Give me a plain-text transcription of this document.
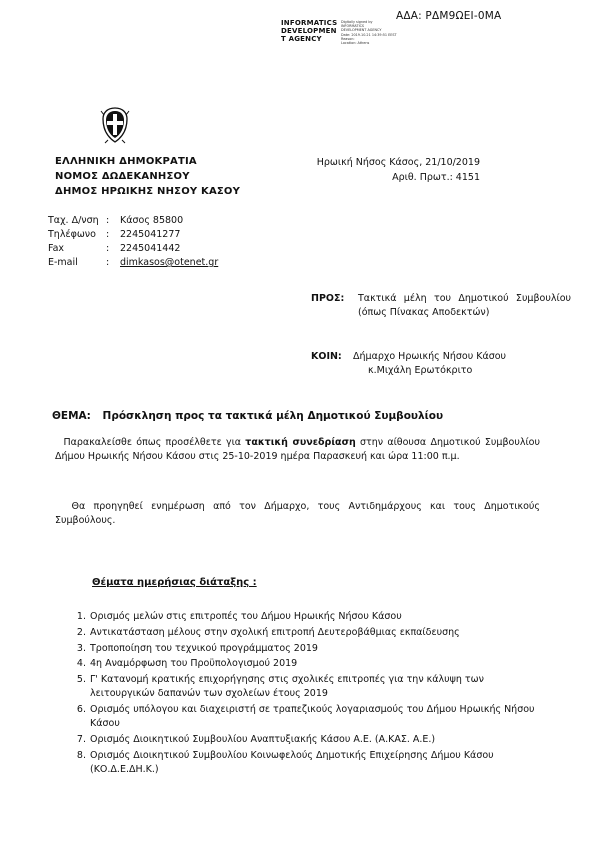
ΑΔΑ: ΡΔΜ9ΩΕΙ-0ΜΑ
INFORMATICS
DEVELOPMEN
T AGENCY
Digitally signed by
INFORMATICS
DEVELOPMENT AGENCY
Date: 2019.10.21 14:39:51 EEST
Reason:
Location: Athens
ΕΛΛΗΝΙΚΗ ΔΗΜΟΚΡΑΤΙΑ
ΝΟΜΟΣ ΔΩΔΕΚΑΝΗΣΟΥ
ΔΗΜΟΣ ΗΡΩΙΚΗΣ ΝΗΣΟΥ ΚΑΣΟΥ
Ηρωική Νήσος Κάσος, 21/10/2019
Αριθ. Πρωτ.: 4151
Ταχ. Δ/νση :	Κάσος 85800
Τηλέφωνο	:	2245041277
Fax	:	2245041442
E-mail	:	dimkasos@otenet.gr
ΠΡΟΣ: Τακτικά μέλη του Δημοτικού Συμβουλίου (όπως Πίνακας Αποδεκτών)
ΚΟΙΝ: Δήμαρχο Ηρωικής Νήσου Κάσου
κ.Μιχάλη Ερωτόκριτο
ΘΕΜΑ: Πρόσκληση προς τα τακτικά μέλη Δημοτικού Συμβουλίου
Παρακαλείσθε όπως προσέλθετε για τακτική συνεδρίαση στην αίθουσα Δημοτικού Συμβουλίου Δήμου Ηρωικής Νήσου Κάσου στις 25-10-2019 ημέρα Παρασκευή και ώρα 11:00 π.μ.
Θα προηγηθεί ενημέρωση από τον Δήμαρχο, τους Αντιδημάρχους και τους Δημοτικούς Συμβούλους.
Θέματα ημερήσιας διάταξης :
1. Ορισμός μελών στις επιτροπές του Δήμου Ηρωικής Νήσου Κάσου
2. Αντικατάσταση μέλους στην σχολική επιτροπή Δευτεροβάθμιας εκπαίδευσης
3. Τροποποίηση του τεχνικού προγράμματος 2019
4. 4η Αναμόρφωση του Προϋπολογισμού 2019
5. Γ' Κατανομή κρατικής επιχορήγησης στις σχολικές επιτροπές για την κάλυψη των λειτουργικών δαπανών των σχολείων έτους 2019
6. Ορισμός υπόλογου και διαχειριστή σε τραπεζικούς λογαριασμούς του Δήμου Ηρωικής Νήσου Κάσου
7. Ορισμός Διοικητικού Συμβουλίου Αναπτυξιακής Κάσου Α.Ε. (Α.ΚΑΣ. Α.Ε.)
8. Ορισμός Διοικητικού Συμβουλίου Κοινωφελούς Δημοτικής Επιχείρησης Δήμου Κάσου (ΚΟ.Δ.Ε.ΔΗ.Κ.)
